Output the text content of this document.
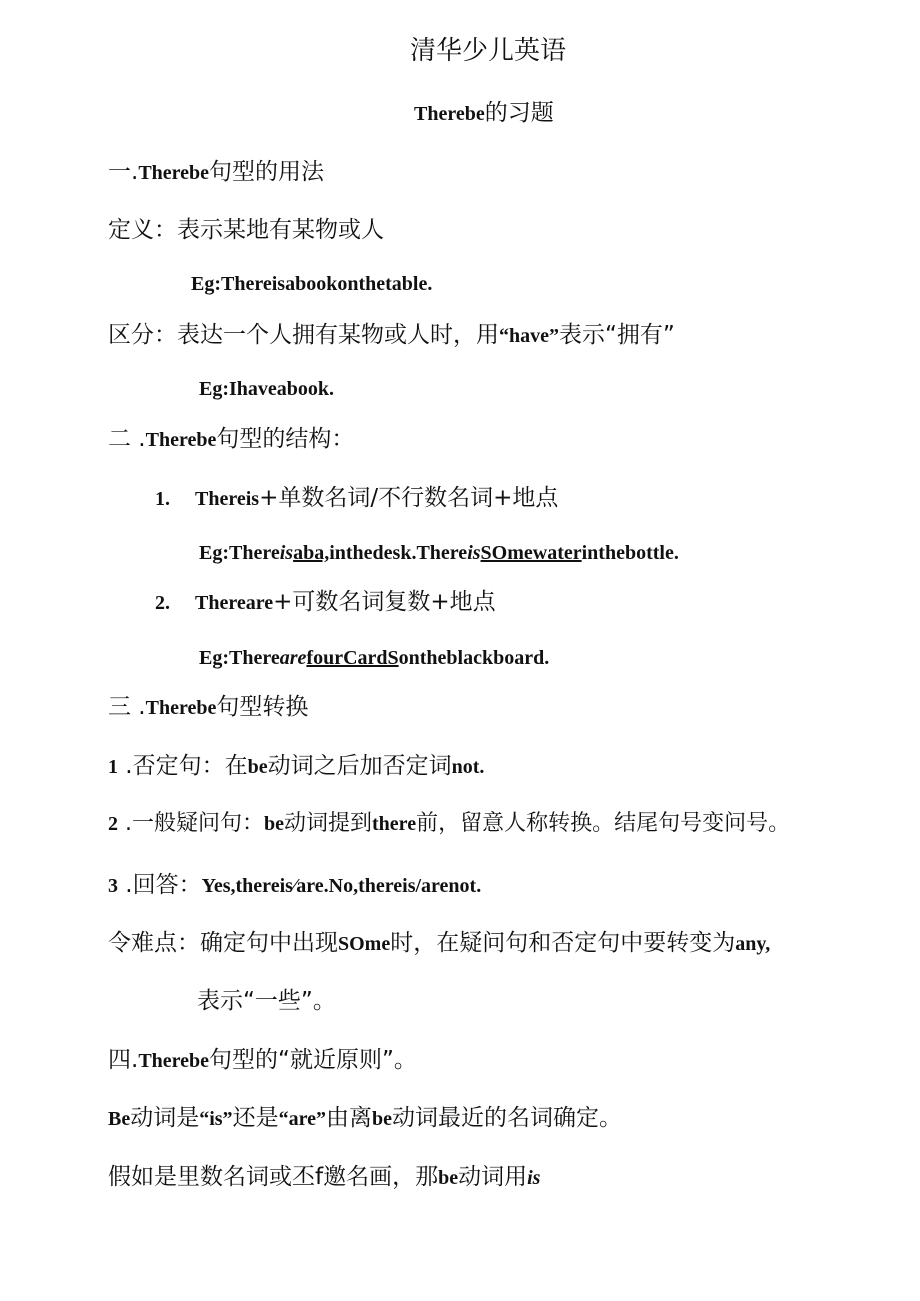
清华少儿英语
Therebe的习题
一.Therebe句型的用法
定义：表示某地有某物或人
Eg:Thereisabookonthetable.
区分：表达一个人拥有某物或人时，用“have”表示“拥有”
Eg:Ihaveabook.
二 .Therebe句型的结构：
1. Thereis+单数名词/不行数名词+地点
Eg:Thereisaba,inthedesk.ThereisSOmewaterinthebottle.
2. Thereare+可数名词复数+地点
Eg:TherearefourCardSontheblackboard.
三 .Therebe句型转换
1 .否定句：在be动词之后加否定词not.
2 .一般疑问句：be动词提到there前，留意人称转换。结尾句号变问号。
3 .回答：Yes,thereis⁄are.No,thereis/arenot.
令难点：确定句中出现SOme时，在疑问句和否定句中要转变为any,
表示“一些”。
四.Therebe句型的“就近原则”。
Be动词是“is”还是“are”由离be动词最近的名词确定。
假如是里数名词或丕f邀名画，那be动词用is
